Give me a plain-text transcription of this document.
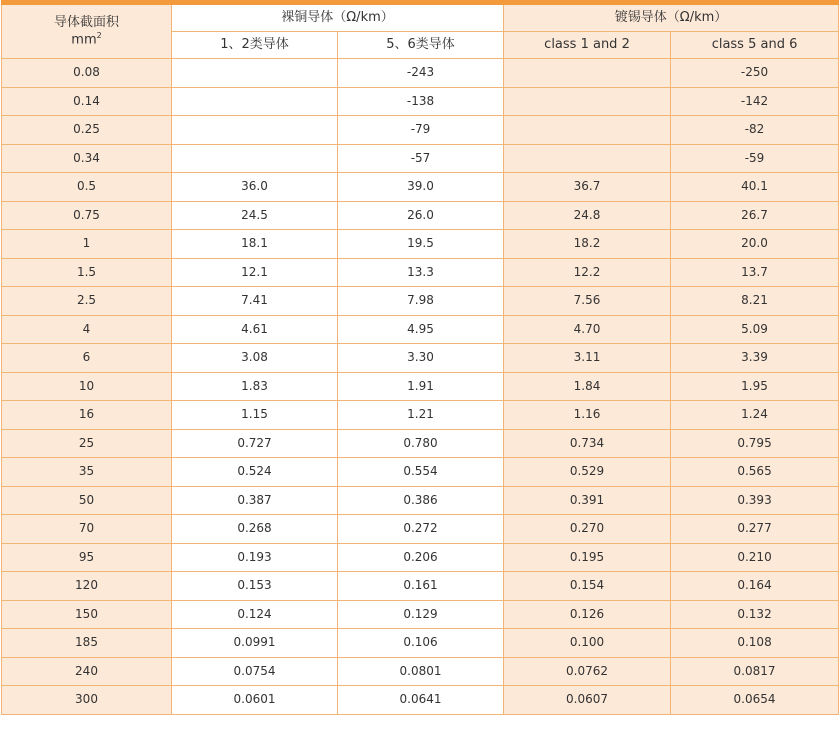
导体截面积
$mm^2$	裸铜导体（Ω/km）		镀锡导体（Ω/km）	
	1、2类导体	5、6类导体	class 1 and 2	class 5 and 6
0.08		-243		-250
0.14		-138		-142
0.25		-79		-82
0.34		-57		-59
0.5	36.0	39.0	36.7	40.1
0.75	24.5	26.0	24.8	26.7
1	18.1	19.5	18.2	20.0
1.5	12.1	13.3	12.2	13.7
2.5	7.41	7.98	7.56	8.21
4	4.61	4.95	4.70	5.09
6	3.08	3.30	3.11	3.39
10	1.83	1.91	1.84	1.95
16	1.15	1.21	1.16	1.24
25	0.727	0.780	0.734	0.795
35	0.524	0.554	0.529	0.565
50	0.387	0.386	0.391	0.393
70	0.268	0.272	0.270	0.277
95	0.193	0.206	0.195	0.210
120	0.153	0.161	0.154	0.164
150	0.124	0.129	0.126	0.132
185	0.0991	0.106	0.100	0.108
240	0.0754	0.0801	0.0762	0.0817
300	0.0601	0.0641	0.0607	0.0654
